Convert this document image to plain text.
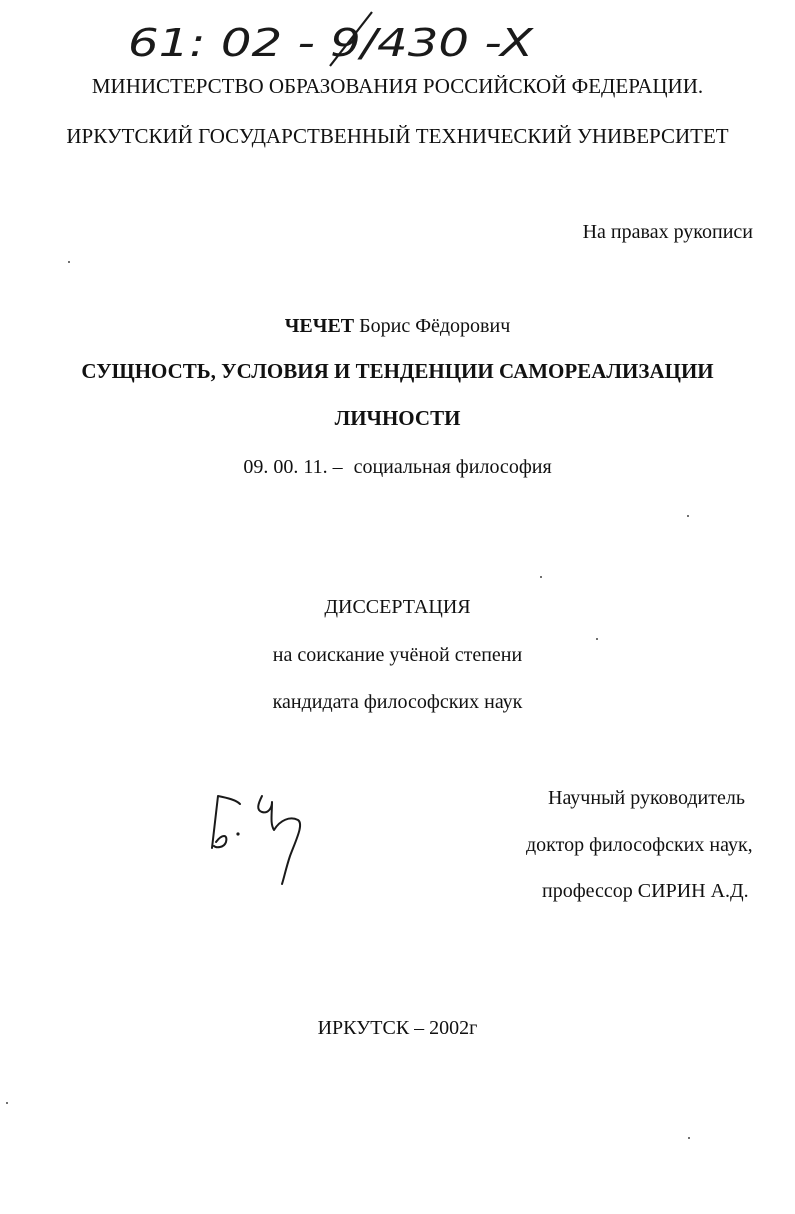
61: 02 - 9/430 -X
МИНИСТЕРСТВО ОБРАЗОВАНИЯ РОССИЙСКОЙ ФЕДЕРАЦИИ.
ИРКУТСКИЙ ГОСУДАРСТВЕННЫЙ ТЕХНИЧЕСКИЙ УНИВЕРСИТЕТ
На правах рукописи
ЧЕЧЕТ Борис Фёдорович
СУЩНОСТЬ, УСЛОВИЯ И ТЕНДЕНЦИИ САМОРЕАЛИЗАЦИИ
ЛИЧНОСТИ
09. 00. 11. – социальная философия
ДИССЕРТАЦИЯ
на соискание учёной степени
кандидата философских наук
Научный руководитель
доктор философских наук,
профессор СИРИН А.Д.
ИРКУТСК – 2002г
